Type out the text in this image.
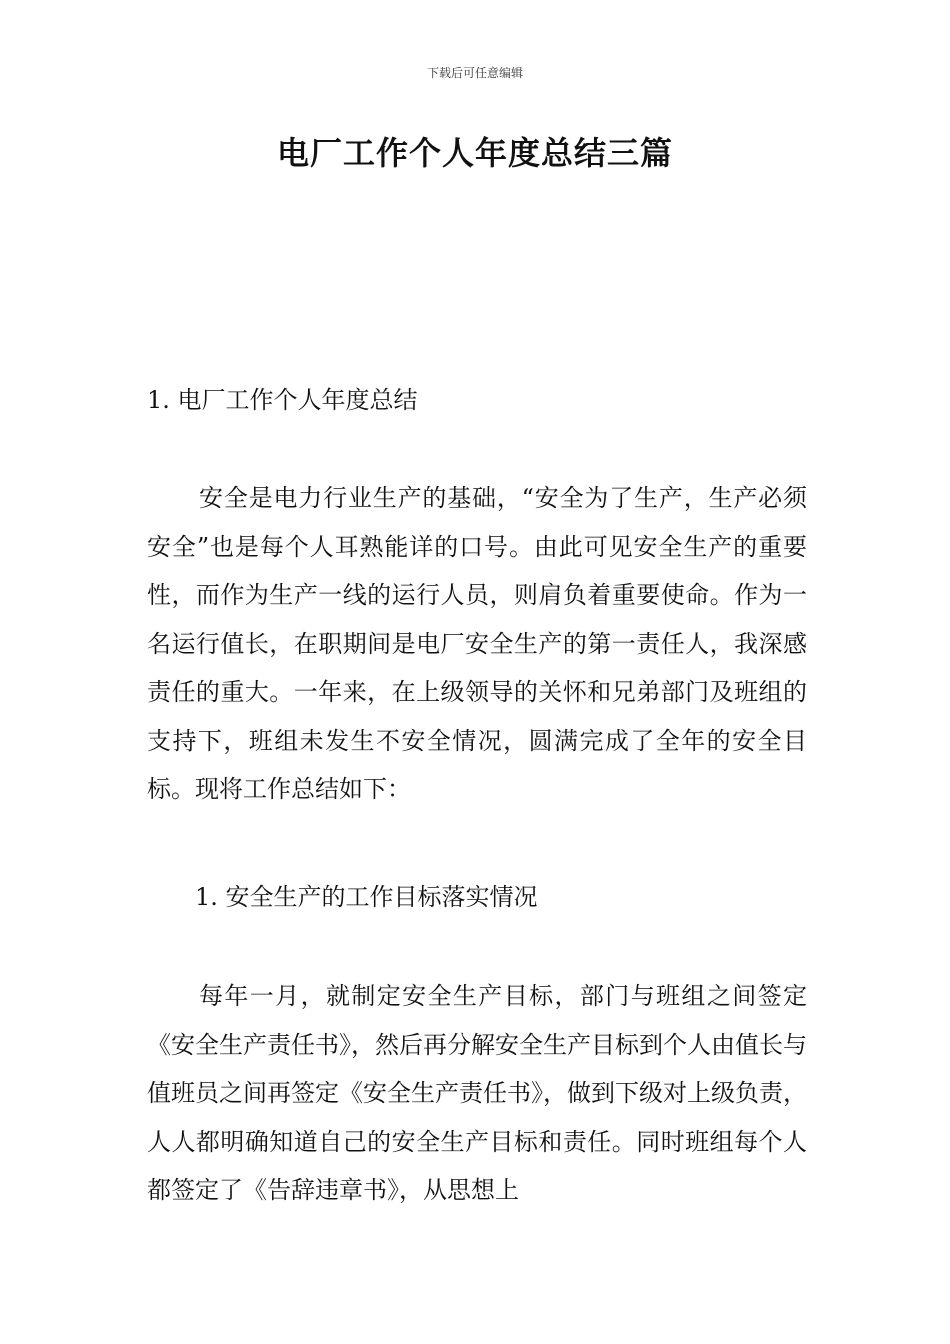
下载后可任意编辑
电厂工作个人年度总结三篇

1. 电厂工作个人年度总结

安全是电力行业生产的基础，“安全为了生产，生产必须安全”也是每个人耳熟能详的口号。由此可见安全生产的重要性，而作为生产一线的运行人员，则肩负着重要使命。作为一名运行值长，在职期间是电厂安全生产的第一责任人，我深感责任的重大。一年来，在上级领导的关怀和兄弟部门及班组的支持下，班组未发生不安全情况，圆满完成了全年的安全目标。现将工作总结如下：

1. 安全生产的工作目标落实情况

每年一月，就制定安全生产目标，部门与班组之间签定《安全生产责任书》，然后再分解安全生产目标到个人由值长与值班员之间再签定《安全生产责任书》，做到下级对上级负责，人人都明确知道自己的安全生产目标和责任。同时班组每个人都签定了《告辞违章书》，从思想上
